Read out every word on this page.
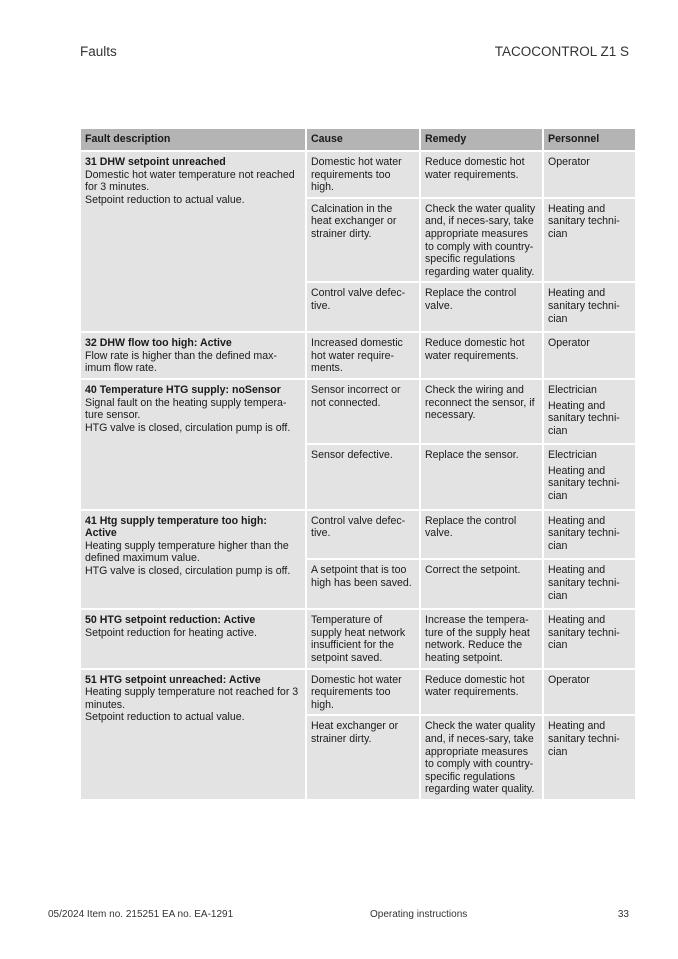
Faults	TACOCONTROL Z1 S
Fault description	Cause	Remedy	Personnel

31 DHW setpoint unreached
Domestic hot water temperature not reached for 3 minutes.
Setpoint reduction to actual value.	Domestic hot water requirements too high.	Reduce domestic hot water requirements.	Operator

	Calcination in the heat exchanger or strainer dirty.	Check the water quality and, if neces-sary, take appropriate measures to comply with country-specific regulations regarding water quality.	Heating and sanitary techni-cian

	Control valve defec-tive.	Replace the control valve.	Heating and sanitary techni-cian

32 DHW flow too high: Active
Flow rate is higher than the defined max-imum flow rate.	Increased domestic hot water require-ments.	Reduce domestic hot water requirements.	Operator

40 Temperature HTG supply: noSensor
Signal fault on the heating supply tempera-ture sensor.
HTG valve is closed, circulation pump is off.	Sensor incorrect or not connected.	Check the wiring and reconnect the sensor, if necessary.	Electrician
Heating and sanitary techni-cian

	Sensor defective.	Replace the sensor.	Electrician
Heating and sanitary techni-cian

41 Htg supply temperature too high: Active
Heating supply temperature higher than the defined maximum value.
HTG valve is closed, circulation pump is off.	Control valve defec-tive.	Replace the control valve.	Heating and sanitary techni-cian

	A setpoint that is too high has been saved.	Correct the setpoint.	Heating and sanitary techni-cian

50 HTG setpoint reduction: Active
Setpoint reduction for heating active.	Temperature of supply heat network insufficient for the setpoint saved.	Increase the tempera-ture of the supply heat network. Reduce the heating setpoint.	Heating and sanitary techni-cian

51 HTG setpoint unreached: Active
Heating supply temperature not reached for 3 minutes.
Setpoint reduction to actual value.	Domestic hot water requirements too high.	Reduce domestic hot water requirements.	Operator

	Heat exchanger or strainer dirty.	Check the water quality and, if neces-sary, take appropriate measures to comply with country-specific regulations regarding water quality.	Heating and sanitary techni-cian
05/2024 Item no. 215251 EA no. EA-1291	Operating instructions	33
